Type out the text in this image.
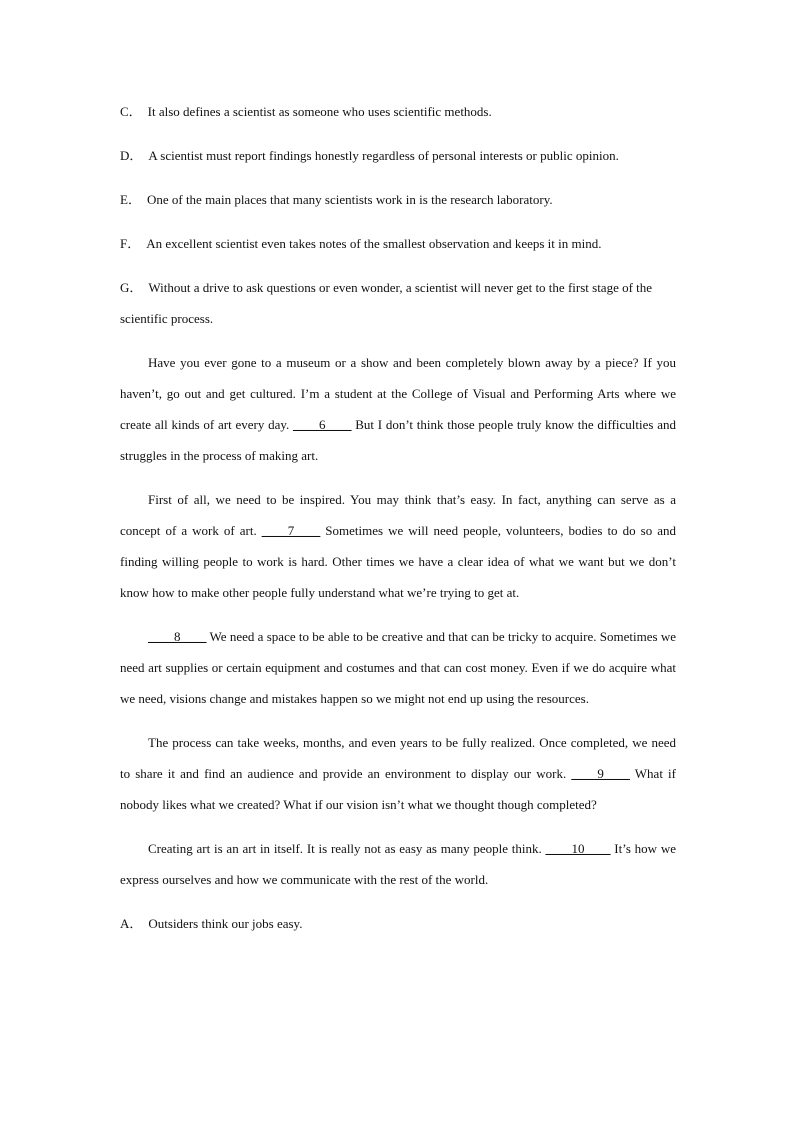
C． It also defines a scientist as someone who uses scientific methods.

D． A scientist must report findings honestly regardless of personal interests or public opinion.

E． One of the main places that many scientists work in is the research laboratory.

F． An excellent scientist even takes notes of the smallest observation and keeps it in mind.

G． Without a drive to ask questions or even wonder, a scientist will never get to the first stage of the scientific process.

Have you ever gone to a museum or a show and been completely blown away by a piece? If you haven’t, go out and get cultured. I’m a student at the College of Visual and Performing Arts where we create all kinds of art every day. ____6____ But I don’t think those people truly know the difficulties and struggles in the process of making art.

First of all, we need to be inspired. You may think that’s easy. In fact, anything can serve as a concept of a work of art. ____7____ Sometimes we will need people, volunteers, bodies to do so and finding willing people to work is hard. Other times we have a clear idea of what we want but we don’t know how to make other people fully understand what we’re trying to get at.

____8____ We need a space to be able to be creative and that can be tricky to acquire. Sometimes we need art supplies or certain equipment and costumes and that can cost money. Even if we do acquire what we need, visions change and mistakes happen so we might not end up using the resources.

The process can take weeks, months, and even years to be fully realized. Once completed, we need to share it and find an audience and provide an environment to display our work. ____9____ What if nobody likes what we created? What if our vision isn’t what we thought though completed?

Creating art is an art in itself. It is really not as easy as many people think. ____10____ It’s how we express ourselves and how we communicate with the rest of the world.

A． Outsiders think our jobs easy.
